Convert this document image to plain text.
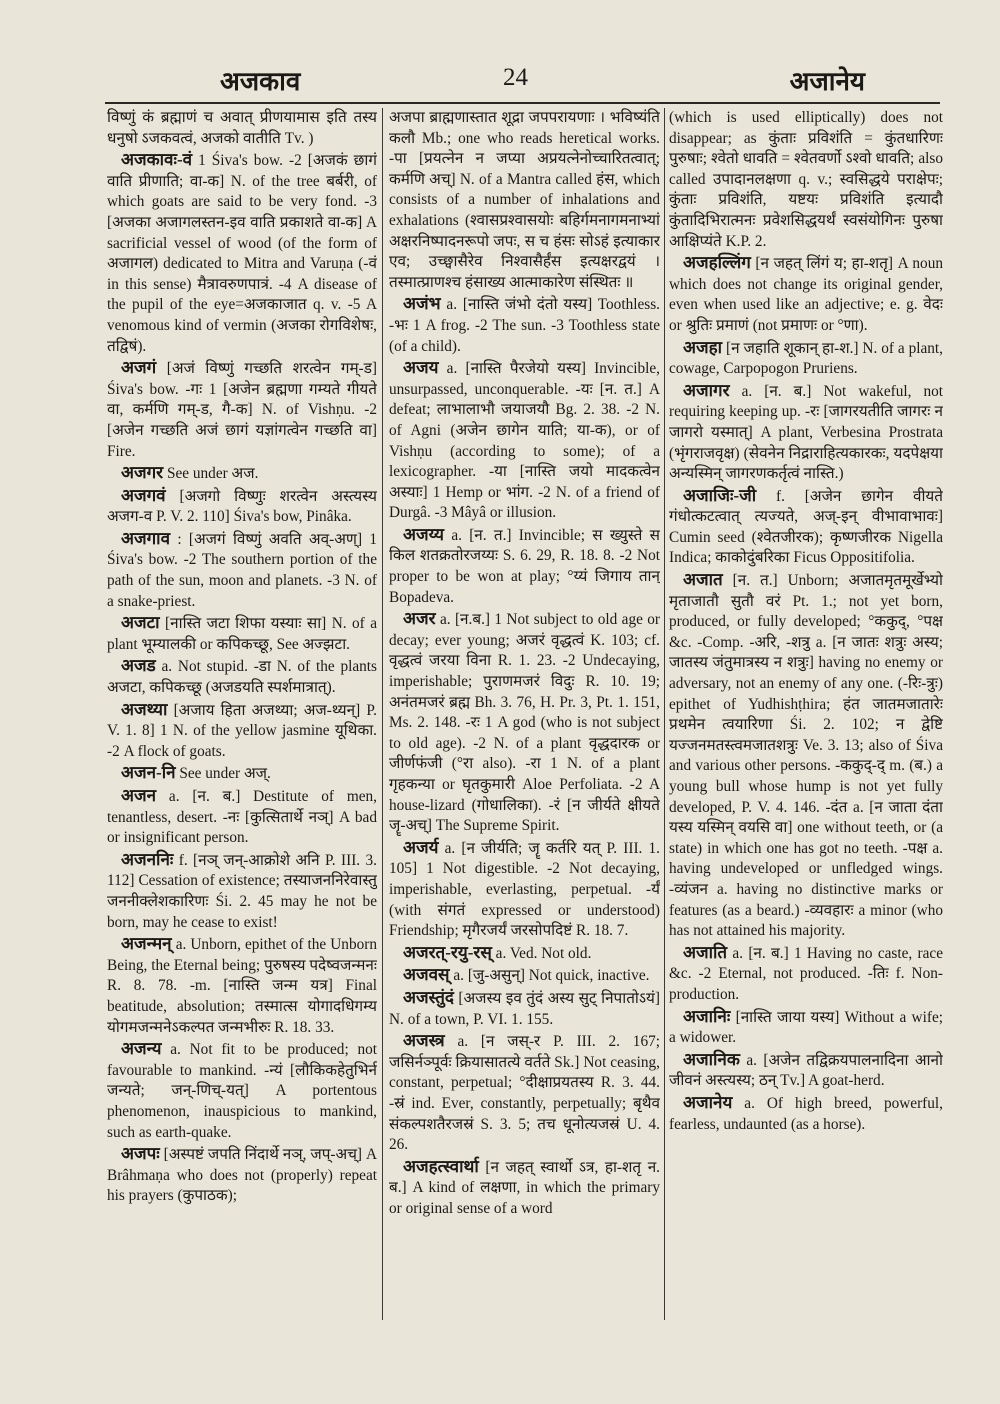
अजकाव	24	अजानेय

विष्णुं कं ब्रह्माणं च अवात् प्रीणयामास इति तस्य धनुषो ऽजकवत्वं, अजको वातीति Tv. )

अजकावः-वं 1 Śiva's bow. -2 [अजकं छागं वाति प्रीणाति; वा-क] N. of the tree बर्बरी, of which goats are said to be very fond. -3 [अजका अजागलस्तन-इव वाति प्रकाशते वा-क] A sacrificial vessel of wood (of the form of अजागल) dedicated to Mitra and Varuṇa (-वं in this sense) मैत्रावरुणपात्रं. -4 A disease of the pupil of the eye=अजकाजात q. v. -5 A venomous kind of vermin (अजका रोगविशेषः, तद्विषं).

अजगं [अजं विष्णुं गच्छति शरत्वेन गम्-ड] Śiva's bow. -गः 1 [अजेन ब्रह्मणा गम्यते गीयते वा, कर्मणि गम्-ड, गै-क] N. of Vishṇu. -2 [अजेन गच्छति अजं छागं यज्ञांगत्वेन गच्छति वा] Fire.

अजगर See under अज.

अजगवं [अजगो विष्णुः शरत्वेन अस्त्यस्य अजग-व P. V. 2. 110] Śiva's bow, Pinâka.

अजगाव : [अजगं विष्णुं अवति अव्-अण्] 1 Śiva's bow. -2 The southern portion of the path of the sun, moon and planets. -3 N. of a snake-priest.

अजटा [नास्ति जटा शिफा यस्याः सा] N. of a plant भूम्यालकी or कपिकच्छू, See अज्झटा.

अजड a. Not stupid. -डा N. of the plants अजटा, कपिकच्छू (अजडयति स्पर्शमात्रात्).

अजथ्या [अजाय हिता अजथ्या; अज-थ्यन्] P. V. 1. 8] 1 N. of the yellow jasmine यूथिका. -2 A flock of goats.

अजन-नि See under अज्.

अजन a. [न. ब.] Destitute of men, tenantless, desert. -नः [कुत्सितार्थे नञ्] A bad or insignificant person.

अजननिः f. [नञ् जन्-आक्रोशे अनि P. III. 3. 112] Cessation of existence; तस्याजननिरेवास्तु जननीक्लेशकारिणः Śi. 2. 45 may he not be born, may he cease to exist!

अजन्मन् a. Unborn, epithet of the Unborn Being, the Eternal being; पुरुषस्य पदेष्वजन्मनः R. 8. 78. -m. [नास्ति जन्म यत्र] Final beatitude, absolution; तस्मात्स योगादधिगम्य योगमजन्मनेऽकल्पत जन्मभीरुः R. 18. 33.

अजन्य a. Not fit to be produced; not favourable to mankind. -न्यं [लौकिकहेतुभिर्न जन्यते; जन्-णिच्-यत्] A portentous phenomenon, inauspicious to mankind, such as earth-quake.

अजपः [अस्पष्टं जपति निंदार्थे नञ्, जप्-अच्] A Brâhmaṇa who does not (properly) repeat his prayers (कुपाठक);

अजपा ब्राह्मणास्तात शूद्रा जपपरायणाः । भविष्यंति कलौ Mb.; one who reads heretical works. -पा [प्रयत्नेन न जप्या अप्रयत्नेनोच्चारितत्वात्; कर्मणि अच्] N. of a Mantra called हंस, which consists of a number of inhalations and exhalations (श्वासप्रश्वासयोः बहिर्गमनागमनाभ्यां अक्षरनिष्पादनरूपो जपः, स च हंसः सोऽहं इत्याकार एव; उच्छ्वासैरेव निश्वासैर्हंस इत्यक्षरद्वयं । तस्मात्प्राणश्च हंसाख्य आत्माकारेण संस्थितः ॥

अजंभ a. [नास्ति जंभो दंतो यस्य] Toothless. -भः 1 A frog. -2 The sun. -3 Toothless state (of a child).

अजय a. [नास्ति पैरजेयो यस्य] Invincible, unsurpassed, unconquerable. -यः [न. त.] A defeat; लाभालाभौ जयाजयौ Bg. 2. 38. -2 N. of Agni (अजेन छागेन याति; या-क), or of Vishṇu (according to some); of a lexicographer. -या [नास्ति जयो मादकत्वेन अस्याः] 1 Hemp or भांग. -2 N. of a friend of Durgâ. -3 Mâyâ or illusion.

अजय्य a. [न. त.] Invincible; स ख्युस्ते स किल शतक्रतोरजय्यः S. 6. 29, R. 18. 8. -2 Not proper to be won at play; °य्यं जिगाय तान् Bopadeva.

अजर a. [न.ब.] 1 Not subject to old age or decay; ever young; अजरं वृद्धत्वं K. 103; cf. वृद्धत्वं जरया विना R. 1. 23. -2 Undecaying, imperishable; पुराणमजरं विदुः R. 10. 19; अनंतमजरं ब्रह्म Bh. 3. 76, H. Pr. 3, Pt. 1. 151, Ms. 2. 148. -रः 1 A god (who is not subject to old age). -2 N. of a plant वृद्धदारक or जीर्णफंजी (°रा also). -रा 1 N. of a plant गृहकन्या or घृतकुमारी Aloe Perfoliata. -2 A house-lizard (गोधालिका). -रं [न जीर्यते क्षीयते जॄ-अच्] The Supreme Spirit.

अजर्य a. [न जीर्यति; जॄ कर्तरि यत् P. III. 1. 105] 1 Not digestible. -2 Not decaying, imperishable, everlasting, perpetual. -र्यं (with संगतं expressed or understood) Friendship; मृगैरजर्यं जरसोपदिष्टं R. 18. 7.

अजरत्-रयु-रस् a. Ved. Not old.

अजवस् a. [जु-असुन्] Not quick, inactive.

अजस्तुंदं [अजस्य इव तुंदं अस्य सुट् निपातोऽयं] N. of a town, P. VI. 1. 155.

अजस्त्र a. [न जस्-र P. III. 2. 167; जसिर्नञ्पूर्वः क्रियासातत्ये वर्तते Sk.] Not ceasing, constant, perpetual; °दीक्षाप्रयतस्य R. 3. 44. -स्रं ind. Ever, constantly, perpetually; बृथैव संकल्पशतैरजस्रं S. 3. 5; तच धूनोत्यजस्रं U. 4. 26.

अजहत्स्वार्था [न जहत् स्वार्थो ऽत्र, हा-शतृ न. ब.] A kind of लक्षणा, in which the primary or original sense of a word

(which is used elliptically) does not disappear; as कुंताः प्रविशंति = कुंतधारिणः पुरुषाः; श्वेतो धावति = श्वेतवर्णो ऽश्वो धावति; also called उपादानलक्षणा q. v.; स्वसिद्धये पराक्षेपः; कुंताः प्रविशंति, यष्टयः प्रविशंति इत्यादौ कुंतादिभिरात्मनः प्रवेशसिद्धयर्थं स्वसंयोगिनः पुरुषा आक्षिप्यंते K.P. 2.

अजहल्लिंग [न जहत् लिंगं य; हा-शतृ] A noun which does not change its original gender, even when used like an adjective; e. g. वेदः or श्रुतिः प्रमाणं (not प्रमाणः or °णा).

अजहा [न जहाति शूकान् हा-श.] N. of a plant, cowage, Carpopogon Pruriens.

अजागर a. [न. ब.] Not wakeful, not requiring keeping up. -रः [जागरयतीति जागरः न जागरो यस्मात्] A plant, Verbesina Prostrata (भृंगराजवृक्ष) (सेवनेन निद्राराहित्यकारकः, यदपेक्षया अन्यस्मिन् जागरणकर्तृत्वं नास्ति.)

अजाजिः-जी f. [अजेन छागेन वीयते गंधोत्कटत्वात् त्यज्यते, अज्-इन् वीभावाभावः] Cumin seed (श्वेतजीरक); कृष्णजीरक Nigella Indica; काकोदुंबरिका Ficus Oppositifolia.

अजात [न. त.] Unborn; अजातमृतमूर्खेभ्यो मृताजातौ सुतौ वरं Pt. 1.; not yet born, produced, or fully developed; °ककुद्, °पक्ष &c. -Comp. -अरि, -शत्रु a. [न जातः शत्रुः अस्य; जातस्य जंतुमात्रस्य न शत्रुः] having no enemy or adversary, not an enemy of any one. (-रिः-त्रुः) epithet of Yudhishṭhira; हंत जातमजातारेः प्रथमेन त्वयारिणा Śi. 2. 102; न द्वेष्टि यज्जनमतस्त्वमजातशत्रुः Ve. 3. 13; also of Śiva and various other persons. -ककुद्-द् m. (ब.) a young bull whose hump is not yet fully developed, P. V. 4. 146. -दंत a. [न जाता दंता यस्य यस्मिन् वयसि वा] one without teeth, or (a state) in which one has got no teeth. -पक्ष a. having undeveloped or unfledged wings. -व्यंजन a. having no distinctive marks or features (as a beard.) -व्यवहारः a minor (who has not attained his majority.

अजाति a. [न. ब.] 1 Having no caste, race &c. -2 Eternal, not produced. -तिः f. Non-production.

अजानिः [नास्ति जाया यस्य] Without a wife; a widower.

अजानिक a. [अजेन तद्विक्रयपालनादिना आनो जीवनं अस्त्यस्य; ठन् Tv.] A goat-herd.

अजानेय a. Of high breed, powerful, fearless, undaunted (as a horse).
